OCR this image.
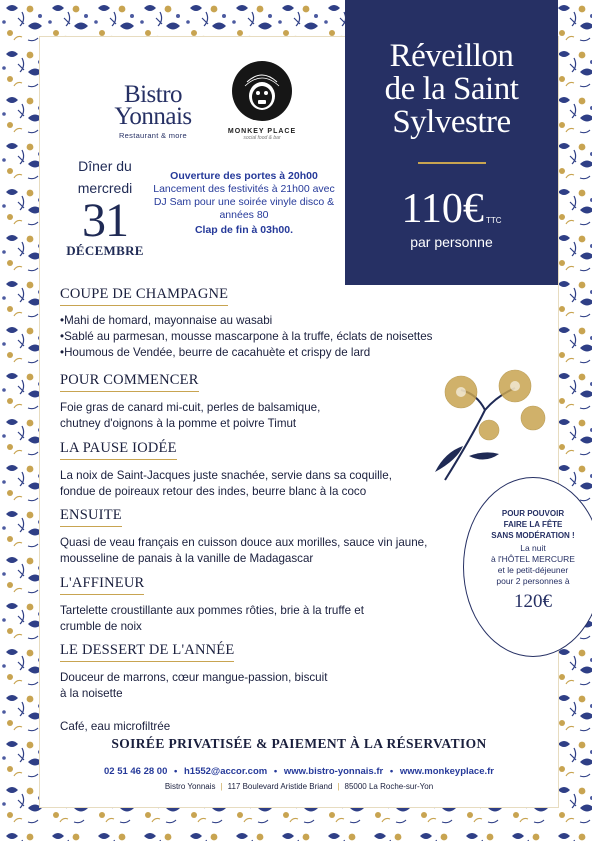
Réveillon
de la Saint
Sylvestre
110€ $^{TTC}$
par personne
Bistro
Yonnais
Restaurant & more	MONKEY PLACE
social food & bar
Dîner du
mercredi
31
DÉCEMBRE
Ouverture des portes à 20h00
Lancement des festivités à 21h00 avec DJ Sam pour une soirée vinyle disco & années 80
Clap de fin à 03h00.
COUPE DE CHAMPAGNE
• Mahi de homard, mayonnaise au wasabi
• Sablé au parmesan, mousse mascarpone à la truffe, éclats de noisettes
• Houmous de Vendée, beurre de cacahuète et crispy de lard
POUR COMMENCER
Foie gras de canard mi-cuit, perles de balsamique, chutney d'oignons à la pomme et poivre Timut
LA PAUSE IODÉE
La noix de Saint-Jacques juste snachée, servie dans sa coquille, fondue de poireaux retour des indes, beurre blanc à la coco
ENSUITE
Quasi de veau français en cuisson douce aux morilles, sauce vin jaune, mousseline de panais à la vanille de Madagascar
L'AFFINEUR
Tartelette croustillante aux pommes rôties, brie à la truffe et crumble de noix
LE DESSERT DE L'ANNÉE
Douceur de marrons, cœur mangue-passion, biscuit à la noisette
Café, eau microfiltrée
POUR POUVOIR
FAIRE LA FÊTE
SANS MODÉRATION !
La nuit
à l'HÔTEL MERCURE
et le petit-déjeuner
pour 2 personnes à
120€
SOIRÉE PRIVATISÉE & PAIEMENT À LA RÉSERVATION
02 51 46 28 00 • h1552@accor.com • www.bistro-yonnais.fr • www.monkeyplace.fr
Bistro Yonnais | 117 Boulevard Aristide Briand | 85000 La Roche-sur-Yon
